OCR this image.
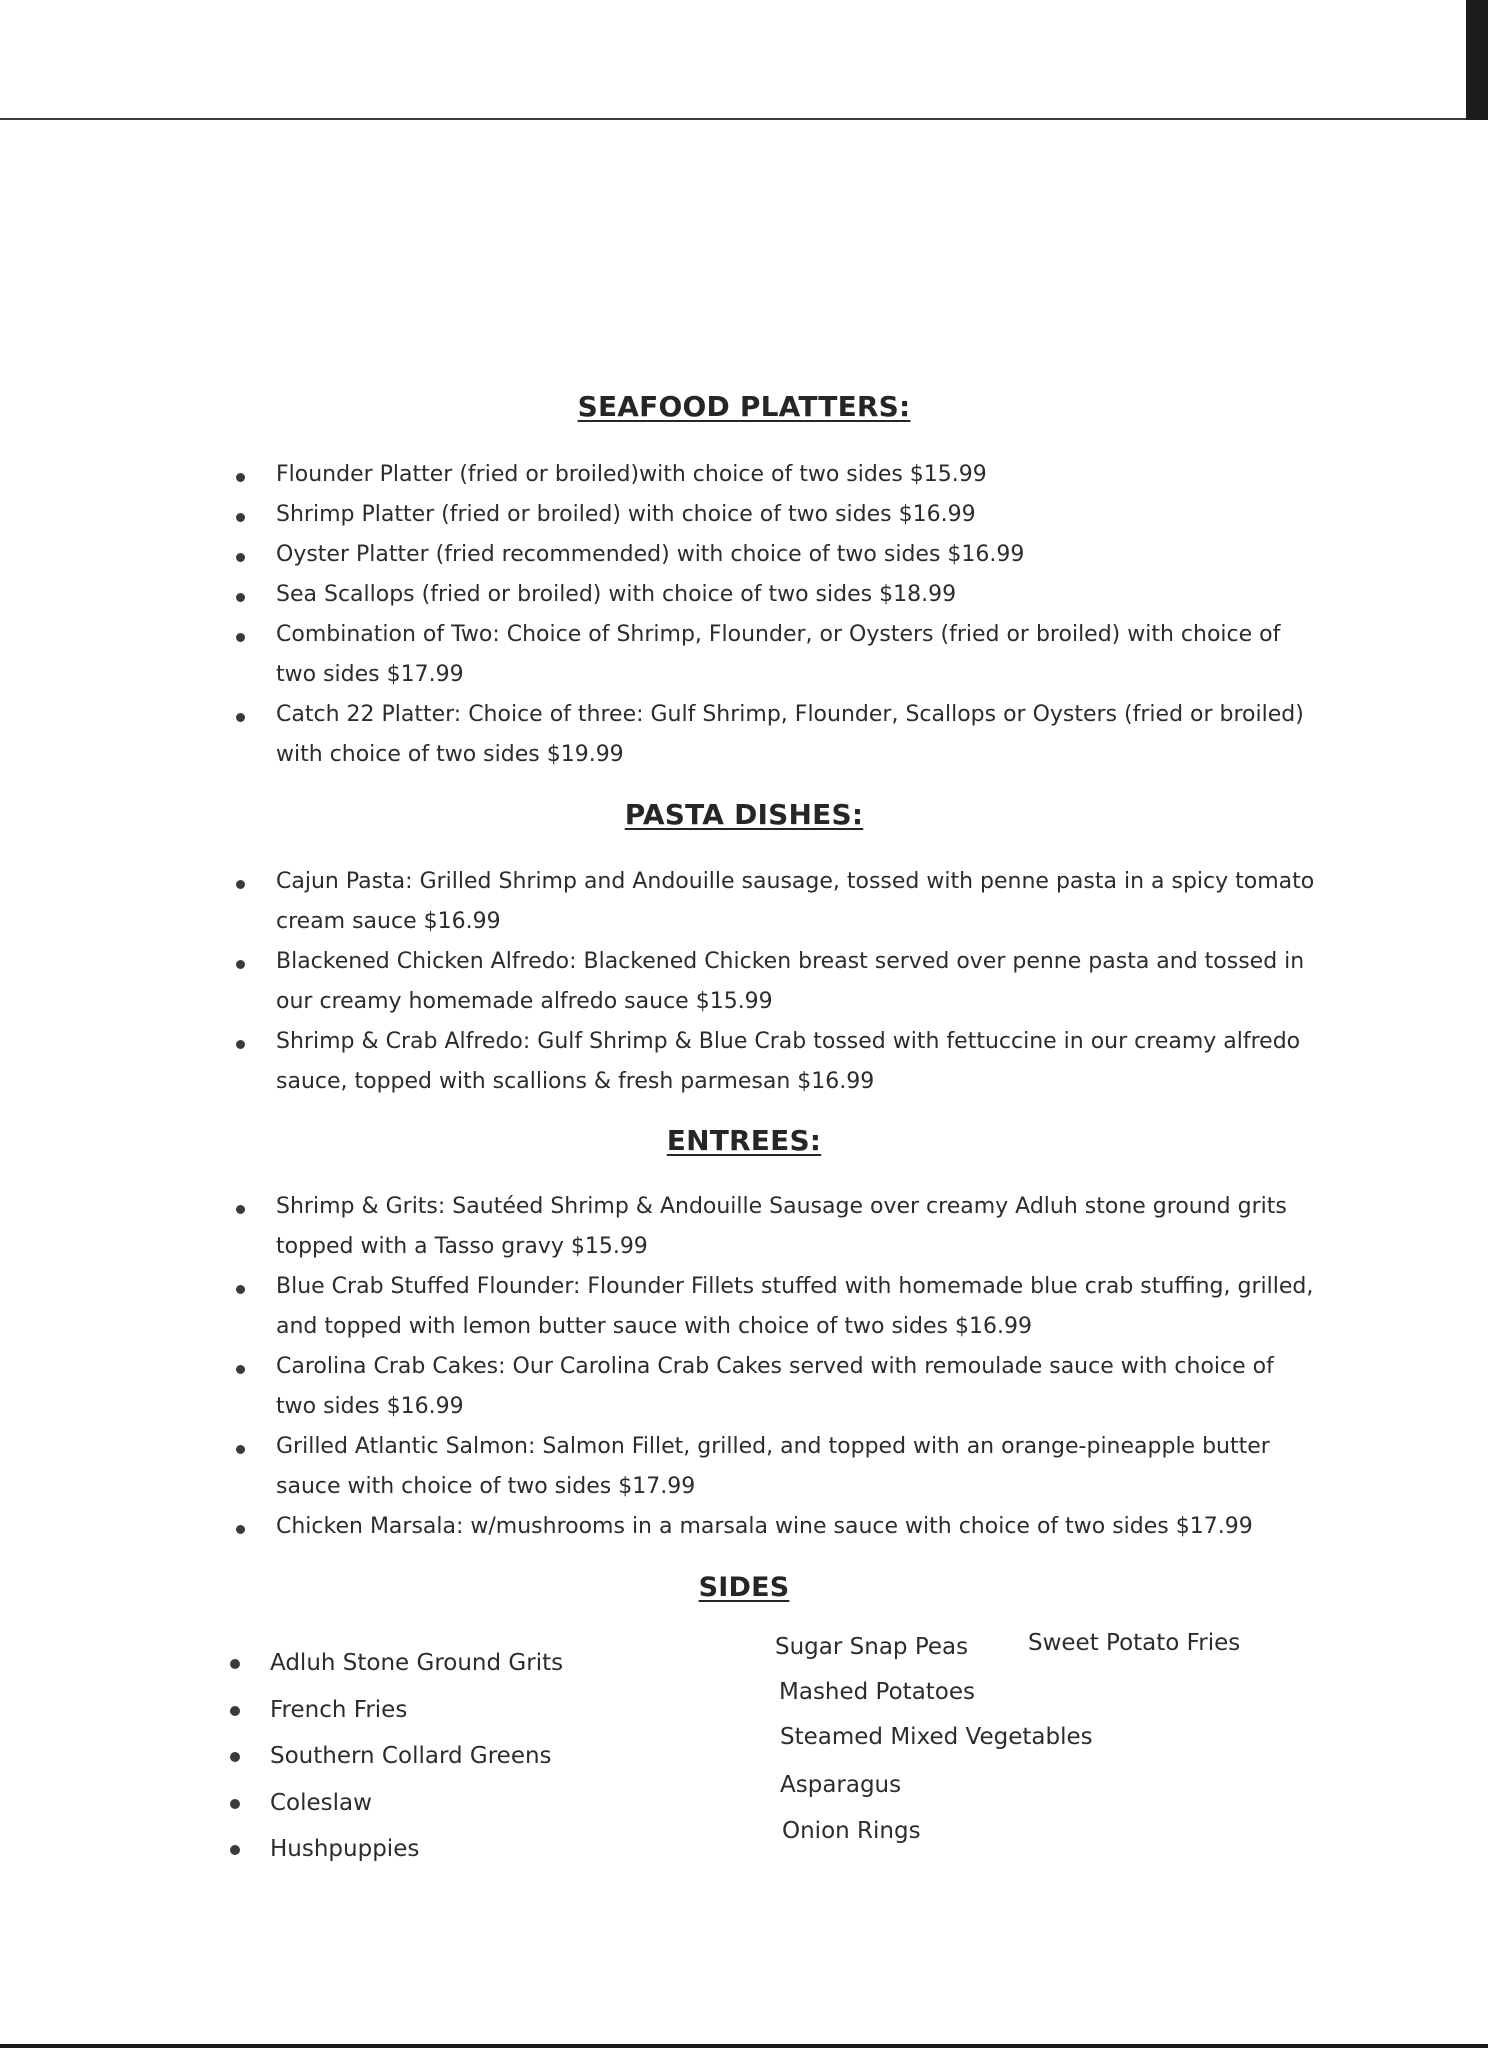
SEAFOOD PLATTERS:
Flounder Platter (fried or broiled)with choice of two sides $15.99
Shrimp Platter (fried or broiled) with choice of two sides $16.99
Oyster Platter (fried recommended) with choice of two sides $16.99
Sea Scallops (fried or broiled) with choice of two sides $18.99
Combination of Two: Choice of Shrimp, Flounder, or Oysters (fried or broiled) with choice of two sides $17.99
Catch 22 Platter: Choice of three: Gulf Shrimp, Flounder, Scallops or Oysters (fried or broiled) with choice of two sides $19.99
PASTA DISHES:
Cajun Pasta: Grilled Shrimp and Andouille sausage, tossed with penne pasta in a spicy tomato cream sauce $16.99
Blackened Chicken Alfredo: Blackened Chicken breast served over penne pasta and tossed in our creamy homemade alfredo sauce $15.99
Shrimp & Crab Alfredo: Gulf Shrimp & Blue Crab tossed with fettuccine in our creamy alfredo sauce, topped with scallions & fresh parmesan $16.99
ENTREES:
Shrimp & Grits: Sautéed Shrimp & Andouille Sausage over creamy Adluh stone ground grits topped with a Tasso gravy $15.99
Blue Crab Stuffed Flounder: Flounder Fillets stuffed with homemade blue crab stuffing, grilled, and topped with lemon butter sauce with choice of two sides $16.99
Carolina Crab Cakes: Our Carolina Crab Cakes served with remoulade sauce with choice of two sides $16.99
Grilled Atlantic Salmon: Salmon Fillet, grilled, and topped with an orange-pineapple butter sauce with choice of two sides $17.99
Chicken Marsala: w/mushrooms in a marsala wine sauce with choice of two sides $17.99
SIDES
Adluh Stone Ground Grits
French Fries
Southern Collard Greens
Coleslaw
Hushpuppies
Sugar Snap Peas	Sweet Potato Fries
Mashed Potatoes
Steamed Mixed Vegetables
Asparagus
Onion Rings
